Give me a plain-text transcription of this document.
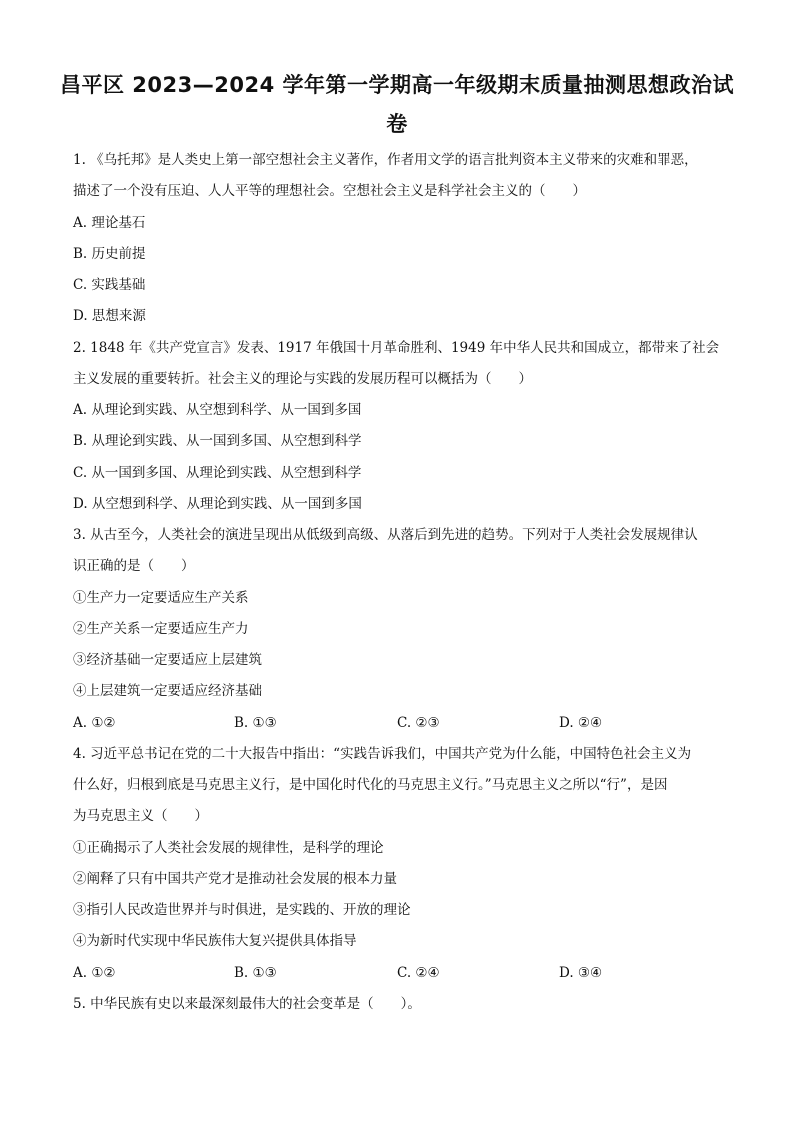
昌平区 2023—2024 学年第一学期高一年级期末质量抽测思想政治试
卷
1. 《乌托邦》是人类史上第一部空想社会主义著作，作者用文学的语言批判资本主义带来的灾难和罪恶，
描述了一个没有压迫、人人平等的理想社会。空想社会主义是科学社会主义的（　　）
A. 理论基石
B. 历史前提
C. 实践基础
D. 思想来源
2. 1848 年《共产党宣言》发表、1917 年俄国十月革命胜利、1949 年中华人民共和国成立，都带来了社会
主义发展的重要转折。社会主义的理论与实践的发展历程可以概括为（　　）
A. 从理论到实践、从空想到科学、从一国到多国
B. 从理论到实践、从一国到多国、从空想到科学
C. 从一国到多国、从理论到实践、从空想到科学
D. 从空想到科学、从理论到实践、从一国到多国
3. 从古至今，人类社会的演进呈现出从低级到高级、从落后到先进的趋势。下列对于人类社会发展规律认
识正确的是（　　）
①生产力一定要适应生产关系
②生产关系一定要适应生产力
③经济基础一定要适应上层建筑
④上层建筑一定要适应经济基础
A. ①②	B. ①③	C. ②③	D. ②④
4. 习近平总书记在党的二十大报告中指出：“实践告诉我们，中国共产党为什么能，中国特色社会主义为
什么好，归根到底是马克思主义行，是中国化时代化的马克思主义行。”马克思主义之所以“行”，是因
为马克思主义（　　）
①正确揭示了人类社会发展的规律性，是科学的理论
②阐释了只有中国共产党才是推动社会发展的根本力量
③指引人民改造世界并与时俱进，是实践的、开放的理论
④为新时代实现中华民族伟大复兴提供具体指导
A. ①②	B. ①③	C. ②④	D. ③④
5. 中华民族有史以来最深刻最伟大的社会变革是（　　）。
